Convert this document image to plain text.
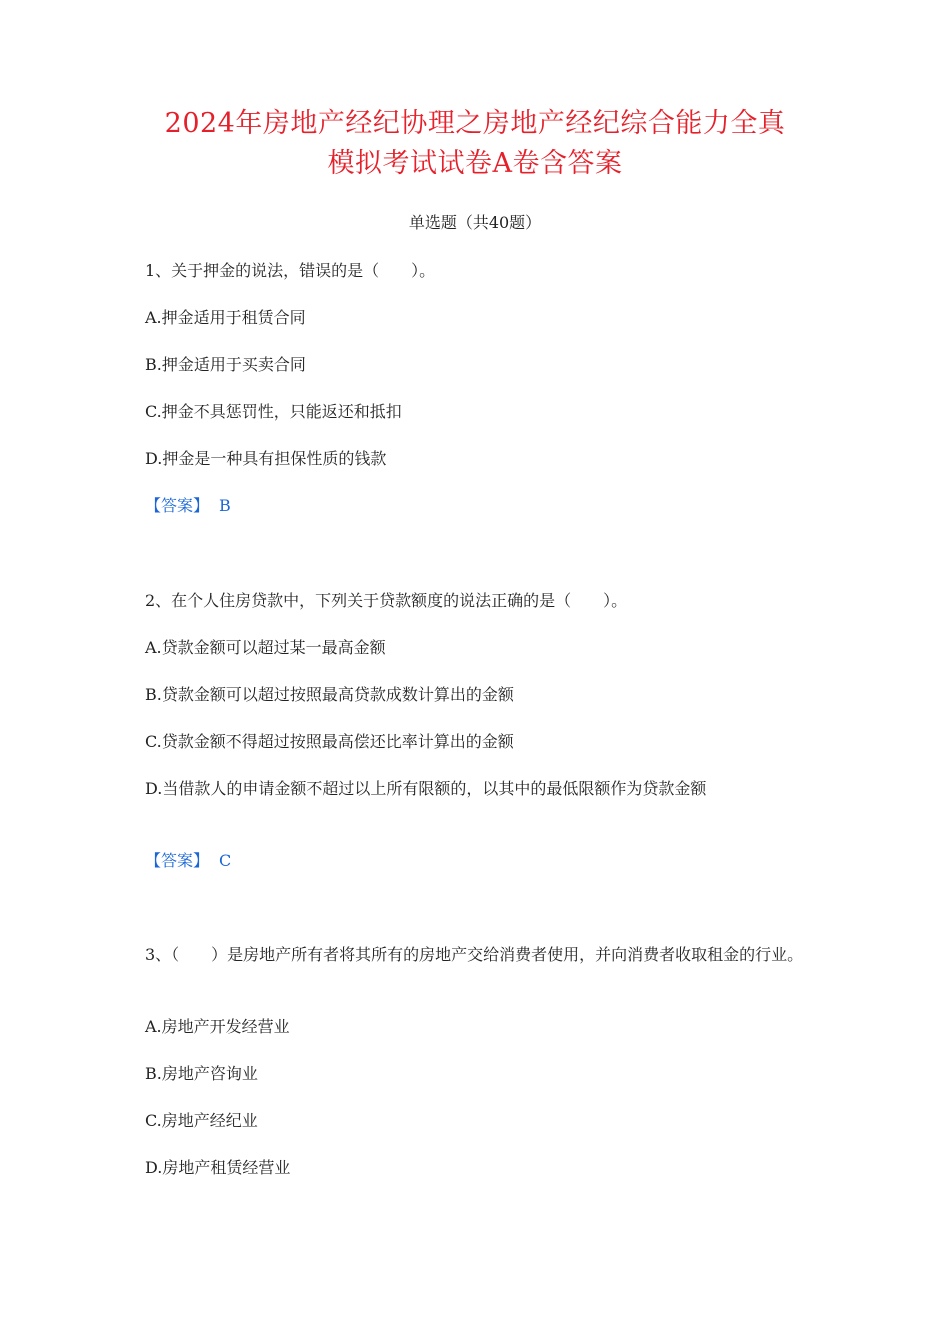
2024年房地产经纪协理之房地产经纪综合能力全真
模拟考试试卷A卷含答案
单选题（共40题）
1、关于押金的说法，错误的是（　　）。
A.押金适用于租赁合同
B.押金适用于买卖合同
C.押金不具惩罚性，只能返还和抵扣
D.押金是一种具有担保性质的钱款
【答案】 B
2、在个人住房贷款中，下列关于贷款额度的说法正确的是（　　）。
A.贷款金额可以超过某一最高金额
B.贷款金额可以超过按照最高贷款成数计算出的金额
C.贷款金额不得超过按照最高偿还比率计算出的金额
D.当借款人的申请金额不超过以上所有限额的，以其中的最低限额作为贷款金额
【答案】 C
3、（　　）是房地产所有者将其所有的房地产交给消费者使用，并向消费者收取租金的行业。
A.房地产开发经营业
B.房地产咨询业
C.房地产经纪业
D.房地产租赁经营业
